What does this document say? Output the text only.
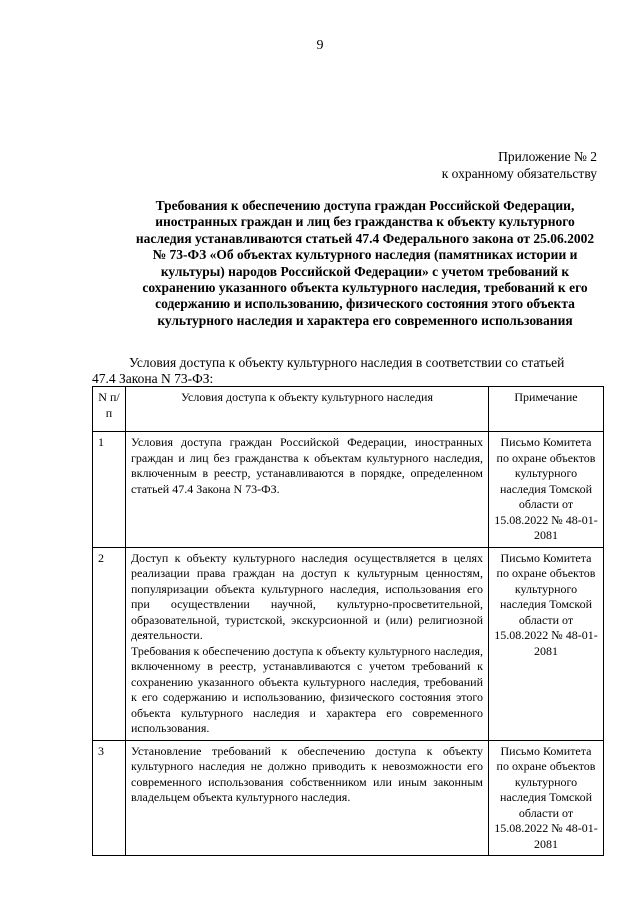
9
Приложение № 2
к охранному обязательству
Требования к обеспечению доступа граждан Российской Федерации, иностранных граждан и лиц без гражданства к объекту культурного наследия устанавливаются статьей 47.4 Федерального закона от 25.06.2002 № 73-ФЗ «Об объектах культурного наследия (памятниках истории и культуры) народов Российской Федерации» с учетом требований к сохранению указанного объекта культурного наследия, требований к его содержанию и использованию, физического состояния этого объекта культурного наследия и характера его современного использования
Условия доступа к объекту культурного наследия в соответствии со статьей
47.4 Закона N 73-ФЗ:
N п/п	Условия доступа к объекту культурного наследия	Примечание
1	Условия доступа граждан Российской Федерации, иностранных граждан и лиц без гражданства к объектам культурного наследия, включенным в реестр, устанавливаются в порядке, определенном статьей 47.4 Закона N 73-ФЗ.	Письмо Комитета по охране объектов культурного наследия Томской области от 15.08.2022 № 48-01-2081
2	Доступ к объекту культурного наследия осуществляется в целях реализации права граждан на доступ к культурным ценностям, популяризации объекта культурного наследия, использования его при осуществлении научной, культурно-просветительной, образовательной, туристской, экскурсионной и (или) религиозной деятельности.
Требования к обеспечению доступа к объекту культурного наследия, включенному в реестр, устанавливаются с учетом требований к сохранению указанного объекта культурного наследия, требований к его содержанию и использованию, физического состояния этого объекта культурного наследия и характера его современного использования.	Письмо Комитета по охране объектов культурного наследия Томской области от 15.08.2022 № 48-01-2081
3	Установление требований к обеспечению доступа к объекту культурного наследия не должно приводить к невозможности его современного использования собственником или иным законным владельцем объекта культурного наследия.	Письмо Комитета по охране объектов культурного наследия Томской области от 15.08.2022 № 48-01-2081
